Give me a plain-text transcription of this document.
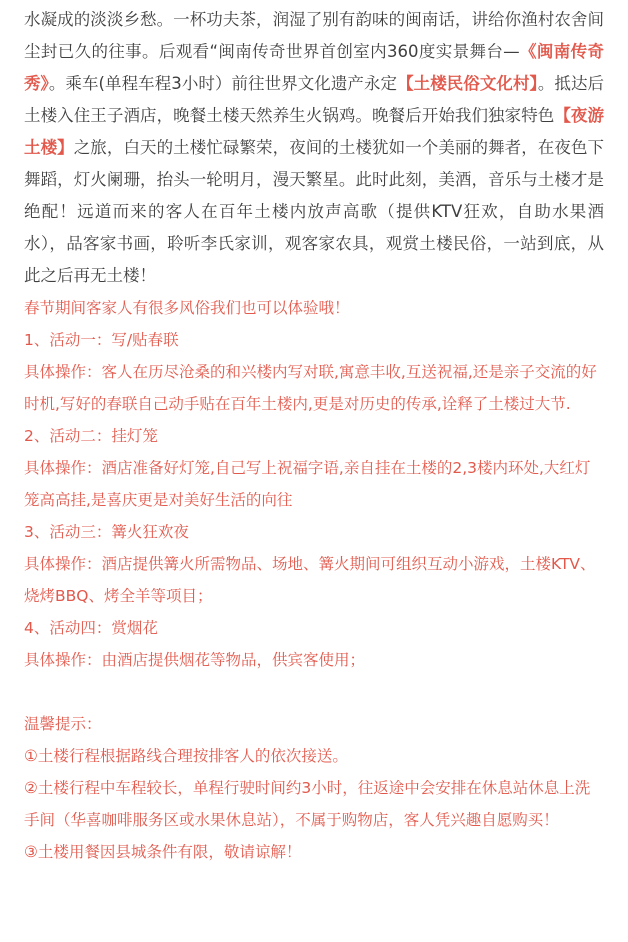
水凝成的淡淡乡愁。一杯功夫茶，润湿了别有韵味的闽南话，讲给你渔村农舍间尘封已久的往事。后观看“闽南传奇世界首创室内360度实景舞台—《闽南传奇秀》。乘车(单程车程3小时）前往世界文化遗产永定【土楼民俗文化村】。抵达后土楼入住王子酒店，晚餐土楼天然养生火锅鸡。晚餐后开始我们独家特色【夜游土楼】之旅，白天的土楼忙碌繁荣，夜间的土楼犹如一个美丽的舞者，在夜色下舞蹈，灯火阑珊，抬头一轮明月，漫天繁星。此时此刻，美酒，音乐与土楼才是绝配！远道而来的客人在百年土楼内放声高歌（提供KTV狂欢，自助水果酒水），品客家书画，聆听李氏家训，观客家农具，观赏土楼民俗，一站到底，从此之后再无土楼！

春节期间客家人有很多风俗我们也可以体验哦！

1、活动一：写/贴春联

具体操作：客人在历尽沧桑的和兴楼内写对联,寓意丰收,互送祝福,还是亲子交流的好时机,写好的春联自己动手贴在百年土楼内,更是对历史的传承,诠释了土楼过大节.

2、活动二：挂灯笼

具体操作：酒店准备好灯笼,自己写上祝福字语,亲自挂在土楼的2,3楼内环处,大红灯笼高高挂,是喜庆更是对美好生活的向往

3、活动三：篝火狂欢夜

具体操作：酒店提供篝火所需物品、场地、篝火期间可组织互动小游戏，土楼KTV、烧烤BBQ、烤全羊等项目；

4、活动四：赏烟花

具体操作：由酒店提供烟花等物品，供宾客使用；

温馨提示：

①土楼行程根据路线合理按排客人的依次接送。

②土楼行程中车程较长，单程行驶时间约3小时，往返途中会安排在休息站休息上洗手间（华喜咖啡服务区或水果休息站），不属于购物店，客人凭兴趣自愿购买！

③土楼用餐因县城条件有限，敬请谅解！
